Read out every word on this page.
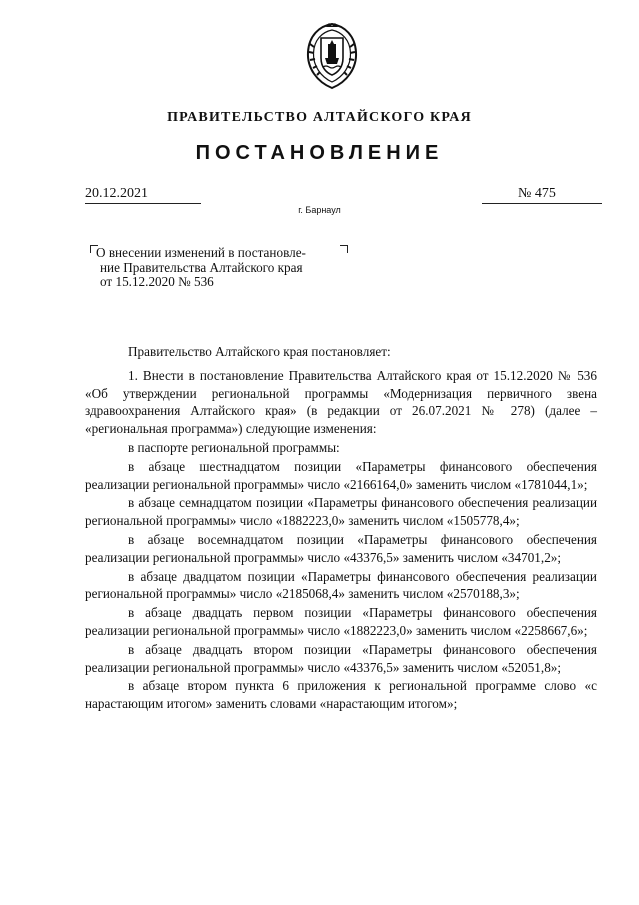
ПРАВИТЕЛЬСТВО АЛТАЙСКОГО КРАЯ
ПОСТАНОВЛЕНИЕ
20.12.2021	№ 475
г. Барнаул
О внесении изменений в постановле-
ние Правительства Алтайского края
от 15.12.2020 № 536

Правительство Алтайского края постановляет:

1. Внести в постановление Правительства Алтайского края от 15.12.2020 № 536 «Об утверждении региональной программы «Модернизация первичного звена здравоохранения Алтайского края» (в редакции от 26.07.2021 № 278) (далее – «региональная программа») следующие изменения:

в паспорте региональной программы:

в абзаце шестнадцатом позиции «Параметры финансового обеспечения реализации региональной программы» число «2166164,0» заменить числом «1781044,1»;

в абзаце семнадцатом позиции «Параметры финансового обеспечения реализации региональной программы» число «1882223,0» заменить числом «1505778,4»;

в абзаце восемнадцатом позиции «Параметры финансового обеспечения реализации региональной программы» число «43376,5» заменить числом «34701,2»;

в абзаце двадцатом позиции «Параметры финансового обеспечения реализации региональной программы» число «2185068,4» заменить числом «2570188,3»;

в абзаце двадцать первом позиции «Параметры финансового обеспечения реализации региональной программы» число «1882223,0» заменить числом «2258667,6»;

в абзаце двадцать втором позиции «Параметры финансового обеспечения реализации региональной программы» число «43376,5» заменить числом «52051,8»;

в абзаце втором пункта 6 приложения к региональной программе слово «с нарастающим итогом» заменить словами «нарастающим итогом»;
